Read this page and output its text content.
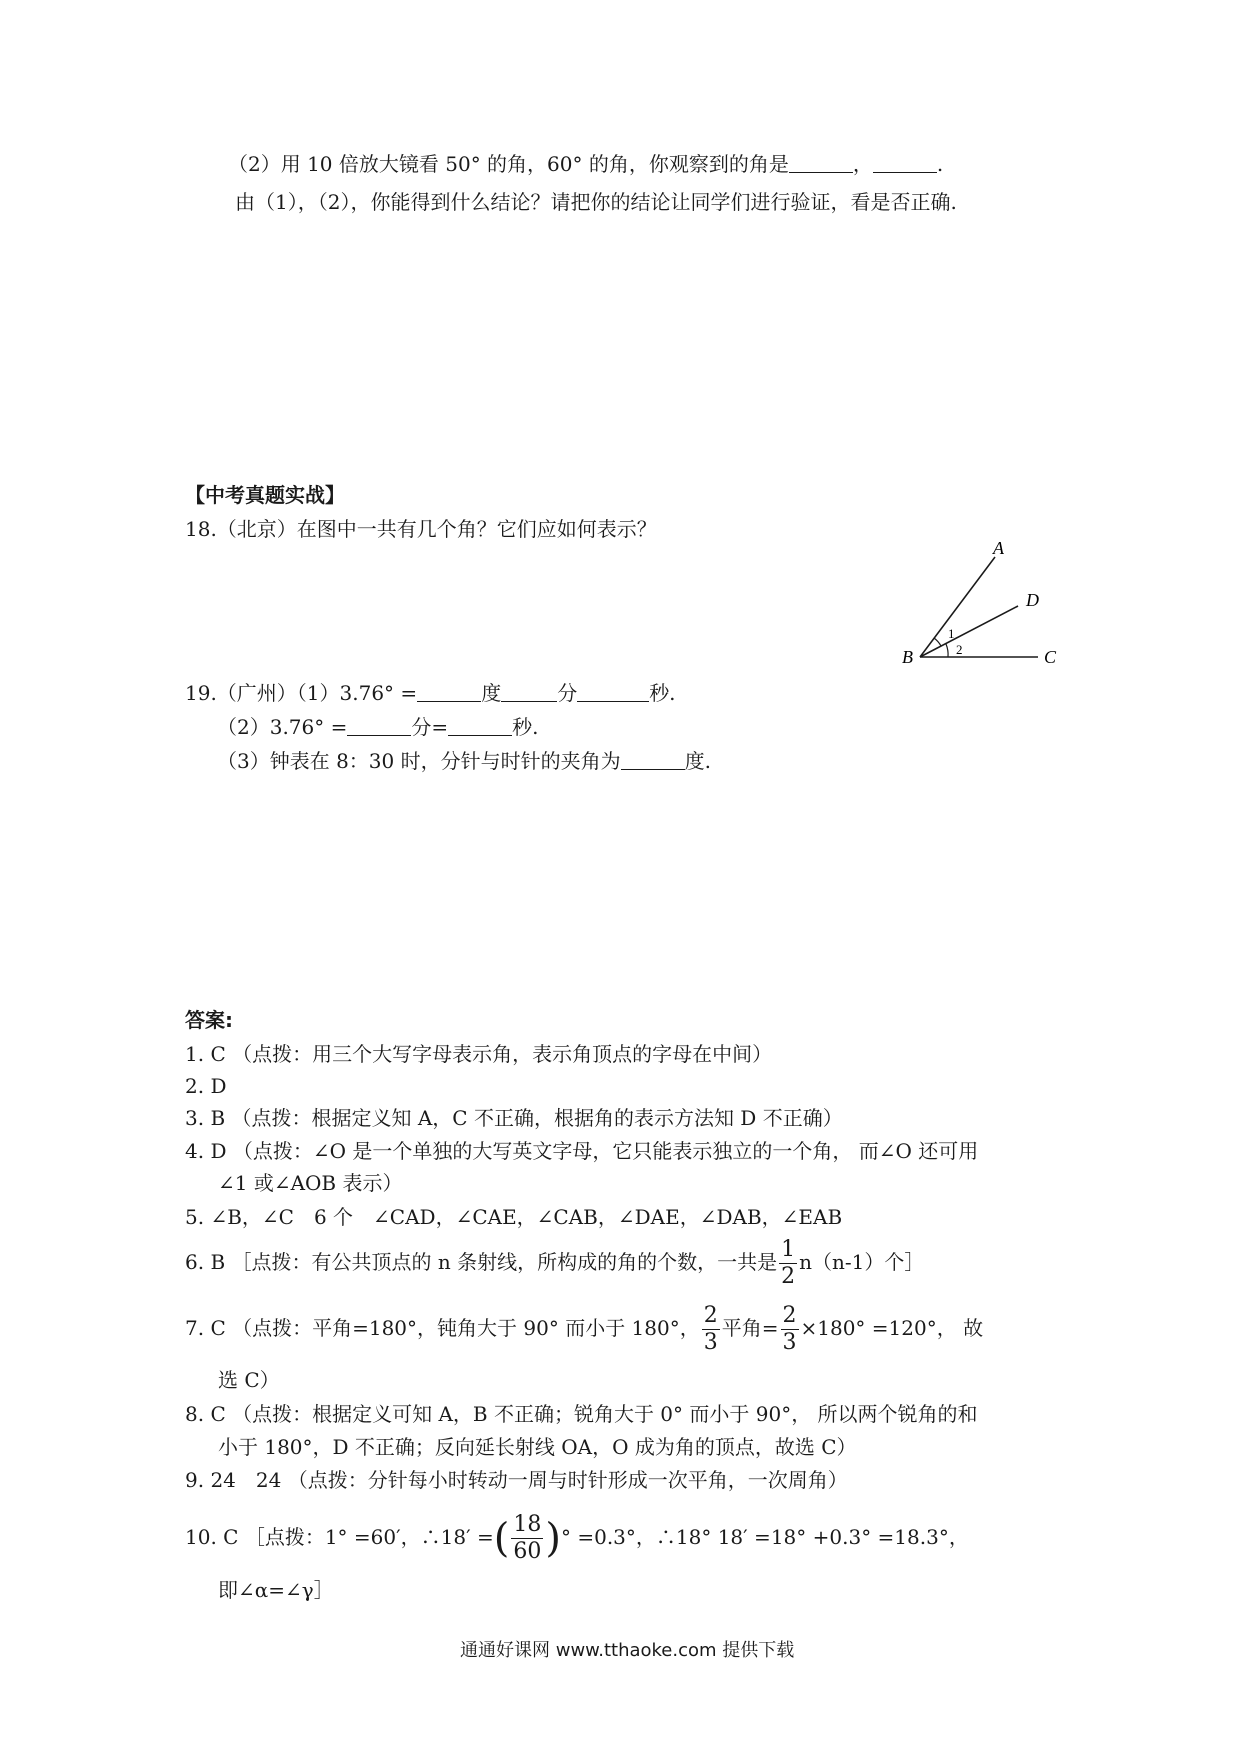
（2）用 10 倍放大镜看 50° 的角，60° 的角，你观察到的角是	，	.
由（1），（2），你能得到什么结论？请把你的结论让同学们进行验证，看是否正确.
【中考真题实战】
18.（北京）在图中一共有几个角？它们应如何表示？
A
D
B	C
1
2
19.（广州）（1）3.76° =	度	分	秒.
（2）3.76° =	分=	秒.
（3）钟表在 8：30 时，分针与时针的夹角为	度.
答案:
1. C （点拨：用三个大写字母表示角，表示角顶点的字母在中间）
2. D
3. B （点拨：根据定义知 A，C 不正确，根据角的表示方法知 D 不正确）
4. D （点拨：∠O 是一个单独的大写英文字母，它只能表示独立的一个角， 而∠O 还可用
∠1 或∠AOB 表示）
5. ∠B，∠C　6 个　∠CAD，∠CAE，∠CAB，∠DAE，∠DAB，∠EAB
6. B ［点拨：有公共顶点的 n 条射线，所构成的角的个数，一共是 $\frac{1}{2} n(n-1)$个］
7. C （点拨：平角=180°，钝角大于 90° 而小于 180°， $\frac{2}{3}$ 平角= $\frac{2}{3} \times 180^\circ =120^\circ$， 故
选 C）
8. C （点拨：根据定义可知 A，B 不正确；锐角大于 0° 而小于 90°， 所以两个锐角的和
小于 180°，D 不正确；反向延长射线 OA，O 成为角的顶点，故选 C）
9. 24　24 （点拨：分针每小时转动一周与时针形成一次平角，一次周角）
10. C ［点拨：1° =60′，∴18′ =( $\frac{18}{60}$ )° =0.3°，∴18° 18′ =18° +0.3° =18.3°，
即∠α=∠γ］
通通好课网 www.tthaoke.com 提供下载
